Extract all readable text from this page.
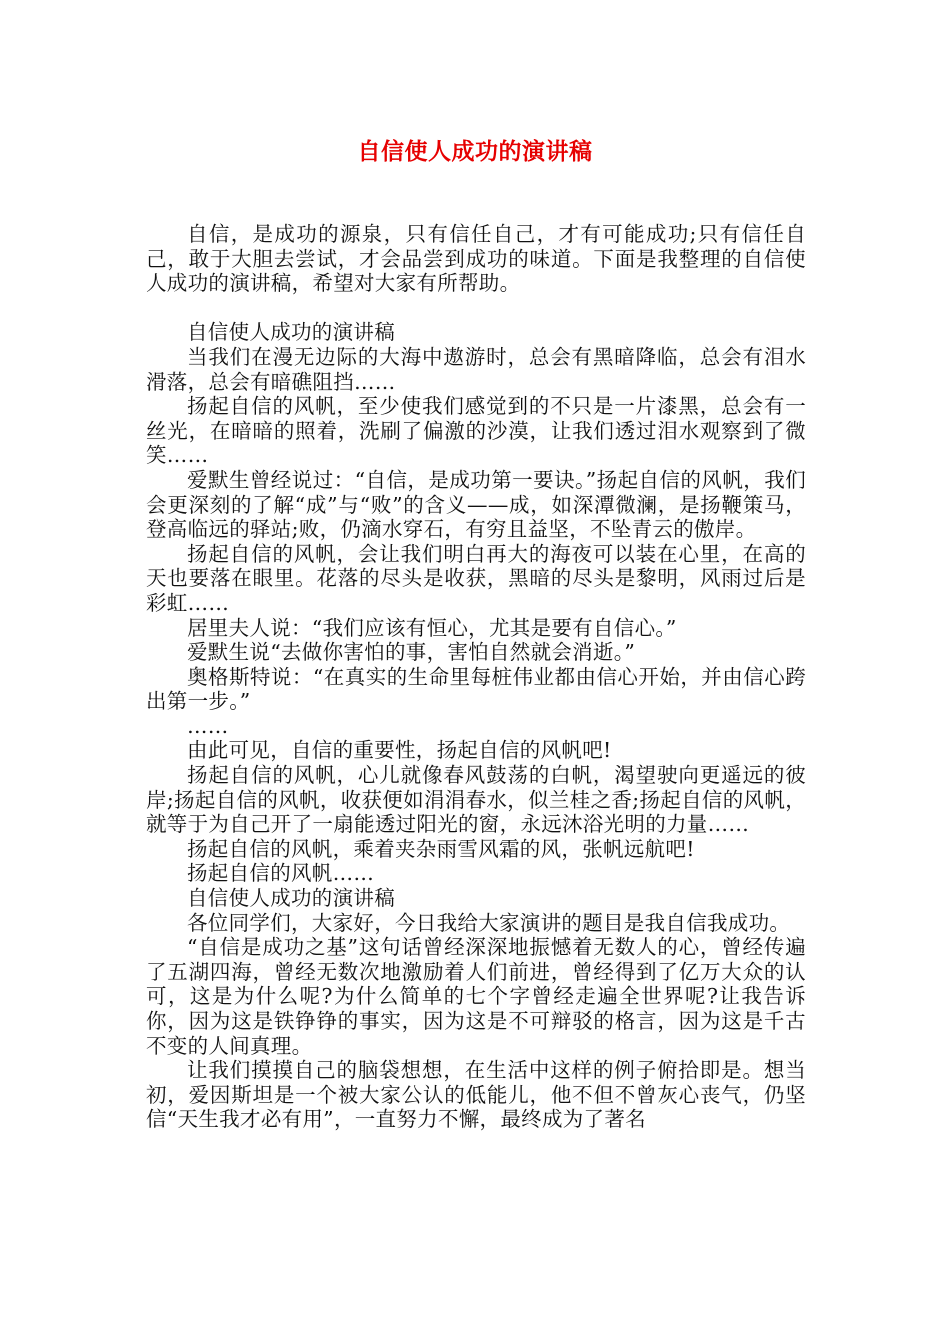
自信使人成功的演讲稿

自信，是成功的源泉，只有信任自己，才有可能成功;只有信任自己，敢于大胆去尝试，才会品尝到成功的味道。下面是我整理的自信使人成功的演讲稿，希望对大家有所帮助。

自信使人成功的演讲稿

当我们在漫无边际的大海中遨游时，总会有黑暗降临，总会有泪水滑落，总会有暗礁阻挡……

扬起自信的风帆，至少使我们感觉到的不只是一片漆黑，总会有一丝光，在暗暗的照着，洗刷了偏激的沙漠，让我们透过泪水观察到了微笑……

爱默生曾经说过：“自信，是成功第一要诀。”扬起自信的风帆，我们会更深刻的了解“成”与“败”的含义——成，如深潭微澜，是扬鞭策马，登高临远的驿站;败，仍滴水穿石，有穷且益坚，不坠青云的傲岸。

扬起自信的风帆，会让我们明白再大的海夜可以装在心里，在高的天也要落在眼里。花落的尽头是收获，黑暗的尽头是黎明，风雨过后是彩虹……

居里夫人说：“我们应该有恒心，尤其是要有自信心。”

爱默生说“去做你害怕的事，害怕自然就会消逝。”

奥格斯特说：“在真实的生命里每桩伟业都由信心开始，并由信心跨出第一步。”

……

由此可见，自信的重要性，扬起自信的风帆吧!

扬起自信的风帆，心儿就像春风鼓荡的白帆，渴望驶向更遥远的彼岸;扬起自信的风帆，收获便如涓涓春水，似兰桂之香;扬起自信的风帆，就等于为自己开了一扇能透过阳光的窗，永远沐浴光明的力量……

扬起自信的风帆，乘着夹杂雨雪风霜的风，张帆远航吧!

扬起自信的风帆……

自信使人成功的演讲稿

各位同学们，大家好，今日我给大家演讲的题目是我自信我成功。

“自信是成功之基”这句话曾经深深地振憾着无数人的心，曾经传遍了五湖四海，曾经无数次地激励着人们前进，曾经得到了亿万大众的认可，这是为什么呢?为什么简单的七个字曾经走遍全世界呢?让我告诉你，因为这是铁铮铮的事实，因为这是不可辩驳的格言，因为这是千古不变的人间真理。

让我们摸摸自己的脑袋想想，在生活中这样的例子俯拾即是。想当初，爱因斯坦是一个被大家公认的低能儿，他不但不曾灰心丧气，仍坚信“天生我才必有用”，一直努力不懈，最终成为了著名
